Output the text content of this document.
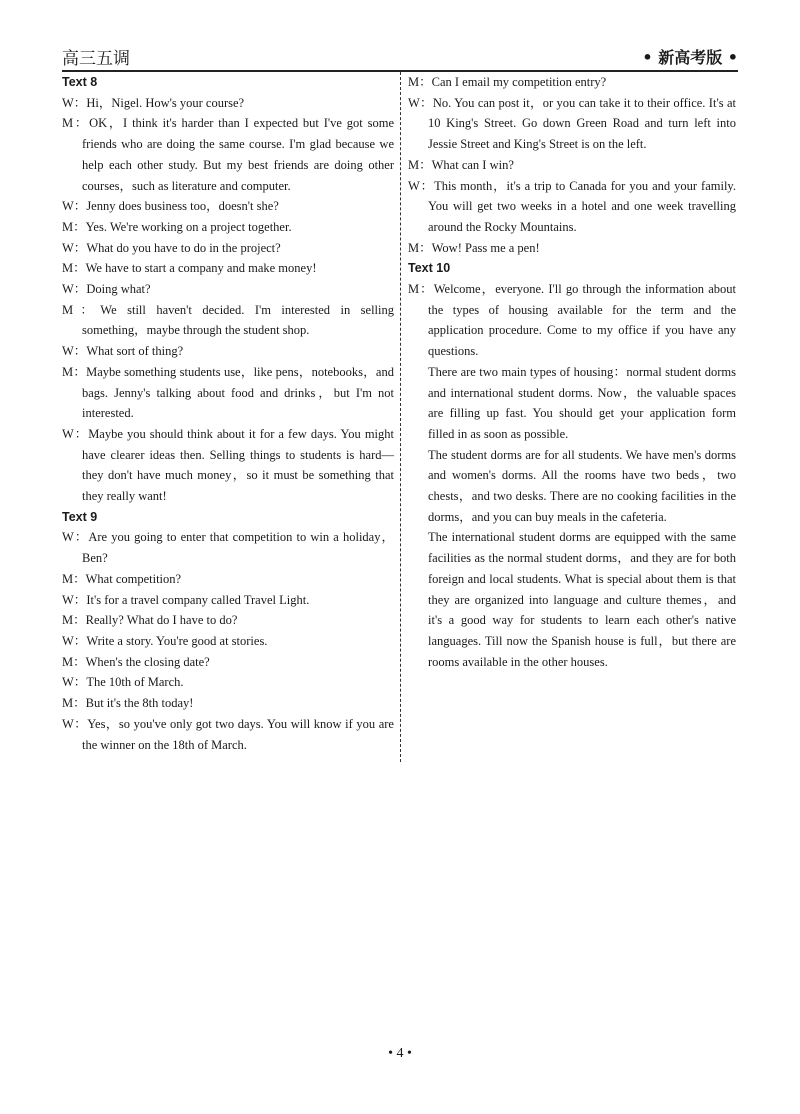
高三五调	• 新高考版 •
Text 8
W：Hi，Nigel. How's your course?
M：OK，I think it's harder than I expected but I've got some friends who are doing the same course. I'm glad because we help each other study. But my best friends are doing other courses，such as literature and computer.
W：Jenny does business too，doesn't she?
M：Yes. We're working on a project together.
W：What do you have to do in the project?
M：We have to start a company and make money!
W：Doing what?
M：We still haven't decided. I'm interested in selling something，maybe through the student shop.
W：What sort of thing?
M：Maybe something students use，like pens，notebooks，and bags. Jenny's talking about food and drinks，but I'm not interested.
W：Maybe you should think about it for a few days. You might have clearer ideas then. Selling things to students is hard—they don't have much money，so it must be something that they really want!
Text 9
W：Are you going to enter that competition to win a holiday，Ben?
M：What competition?
W：It's for a travel company called Travel Light.
M：Really? What do I have to do?
W：Write a story. You're good at stories.
M：When's the closing date?
W：The 10th of March.
M：But it's the 8th today!
W：Yes，so you've only got two days. You will know if you are the winner on the 18th of March.
M：Can I email my competition entry?
W：No. You can post it，or you can take it to their office. It's at 10 King's Street. Go down Green Road and turn left into Jessie Street and King's Street is on the left.
M：What can I win?
W：This month，it's a trip to Canada for you and your family. You will get two weeks in a hotel and one week travelling around the Rocky Mountains.
M：Wow! Pass me a pen!
Text 10
M：Welcome，everyone. I'll go through the information about the types of housing available for the term and the application procedure. Come to my office if you have any questions.
There are two main types of housing：normal student dorms and international student dorms. Now，the valuable spaces are filling up fast. You should get your application form filled in as soon as possible.
The student dorms are for all students. We have men's dorms and women's dorms. All the rooms have two beds，two chests，and two desks. There are no cooking facilities in the dorms，and you can buy meals in the cafeteria.
The international student dorms are equipped with the same facilities as the normal student dorms，and they are for both foreign and local students. What is special about them is that they are organized into language and culture themes，and it's a good way for students to learn each other's native languages. Till now the Spanish house is full，but there are rooms available in the other houses.
• 4 •
